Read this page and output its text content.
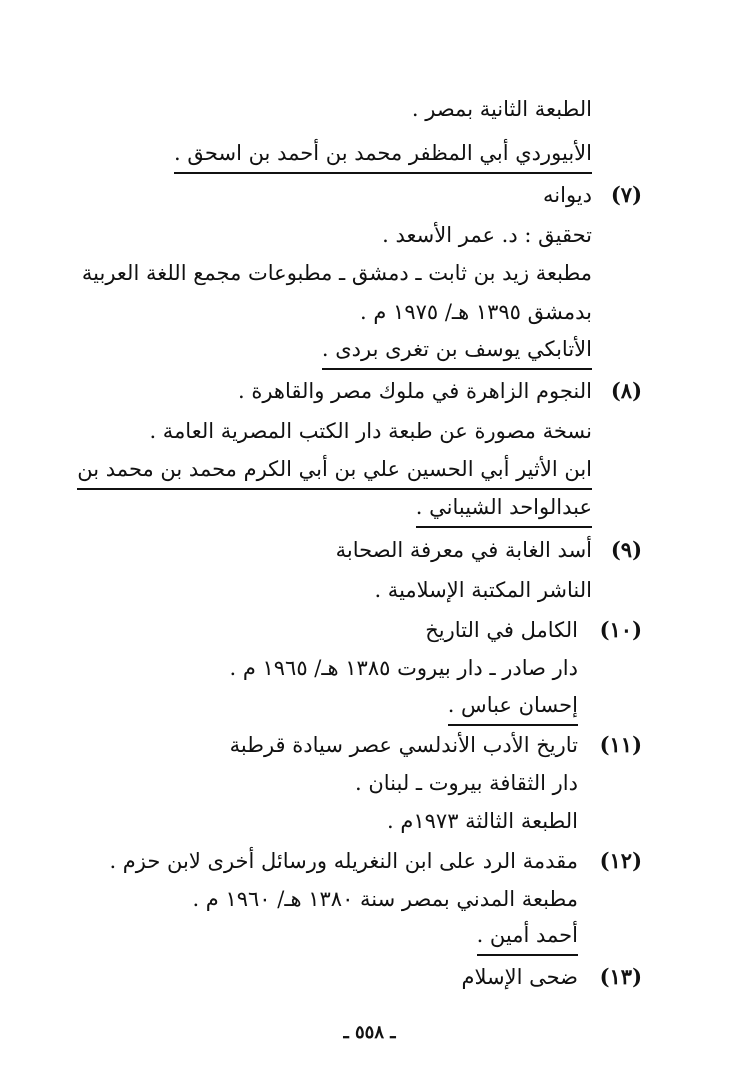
الطبعة الثانية بمصر .
الأبيوردي أبي المظفر محمد بن أحمد بن اسحق .
(٧)
ديوانه
تحقيق : د. عمر الأسعد .
مطبعة زيد بن ثابت ـ دمشق ـ مطبوعات مجمع اللغة العربية
بدمشق ١٣٩٥ هـ/ ١٩٧٥ م .
الأتابكي يوسف بن تغرى بردى .
(٨)
النجوم الزاهرة في ملوك مصر والقاهرة .
نسخة مصورة عن طبعة دار الكتب المصرية العامة .
ابن الأثير أبي الحسين علي بن أبي الكرم محمد بن محمد بن
عبدالواحد الشيباني .
(٩)
أسد الغابة في معرفة الصحابة
الناشر المكتبة الإسلامية .
(١٠)
الكامل في التاريخ
دار صادر ـ دار بيروت ١٣٨٥ هـ/ ١٩٦٥ م .
إحسان عباس .
(١١)
تاريخ الأدب الأندلسي عصر سيادة قرطبة
دار الثقافة بيروت ـ لبنان .
الطبعة الثالثة ١٩٧٣م .
(١٢)
مقدمة الرد على ابن النغريله ورسائل أخرى لابن حزم .
مطبعة المدني بمصر سنة ١٣٨٠ هـ/ ١٩٦٠ م .
أحمد أمين .
(١٣)
ضحى الإسلام
ـ ٥٥٨ ـ
